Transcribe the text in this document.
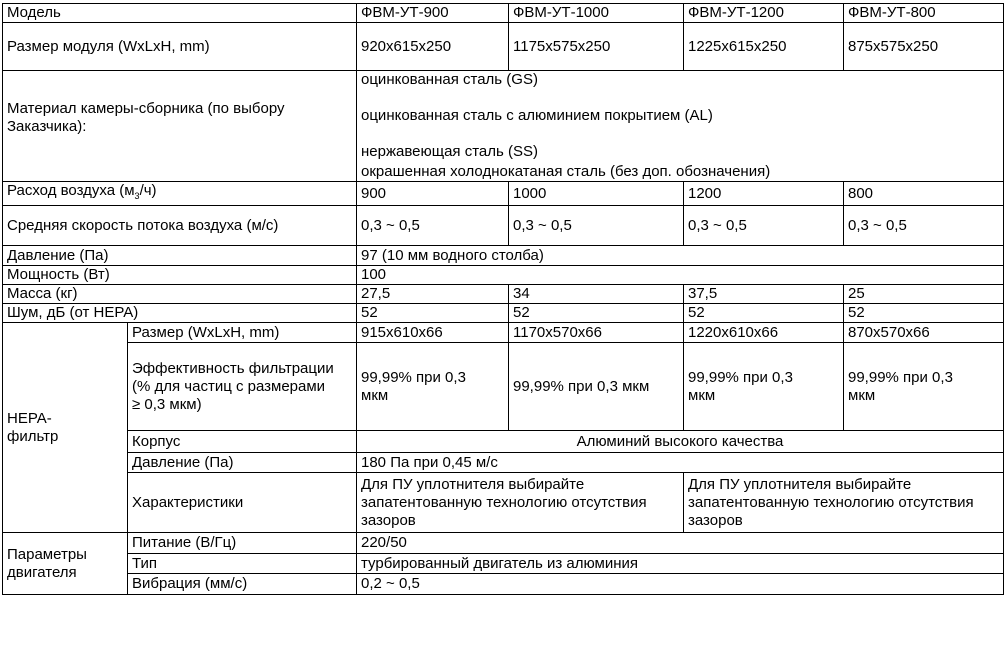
Модель		ФВМ-УТ-900	ФВМ-УТ-1000	ФВМ-УТ-1200	ФВМ-УТ-800
Размер модуля (WxLxH, mm)		920x615x250	1175x575x250	1225x615x250	875x575x250
Материал камеры-сборника (по выбору Заказчика):		оцинкованная сталь (GS)
оцинкованная сталь с алюминием покрытием (AL)
нержавеющая сталь (SS)
окрашенная холоднокатаная сталь (без доп. обозначения)			

Расход воздуха $(м_3/ч)$		900	1000	1200	800
Средняя скорость потока воздуха (м/с)		0,3 ~ 0,5	0,3 ~ 0,5	0,3 ~ 0,5	0,3 ~ 0,5
Давление (Па)		97 (10 мм водного столба)			
Мощность (Вт)		100			
Масса (кг)		27,5	34	37,5	25
Шум, дБ (от HEPA)		52	52	52	52
HEPA-фильтр	Размер (WxLxH, mm)	915x610x66	1170x570x66	1220x610x66	870x570x66
	Эффективность фильтрации (% для частиц с размерами ≥ 0,3 мкм)	99,99% при 0,3 мкм	99,99% при 0,3 мкм	99,99% при 0,3 мкм	99,99% при 0,3 мкм
	Корпус	Алюминий высокого качества			
	Давление (Па)	180 Па при 0,45 м/с			
	Характеристики	Для ПУ уплотнителя выбирайте запатентованную технологию отсутствия зазоров		Для ПУ уплотнителя выбирайте запатентованную технологию отсутствия зазоров	
Параметры двигателя	Питание (В/Гц)	220/50			
	Тип	турбированный двигатель из алюминия			
	Вибрация (мм/с)	0,2 ~ 0,5			
